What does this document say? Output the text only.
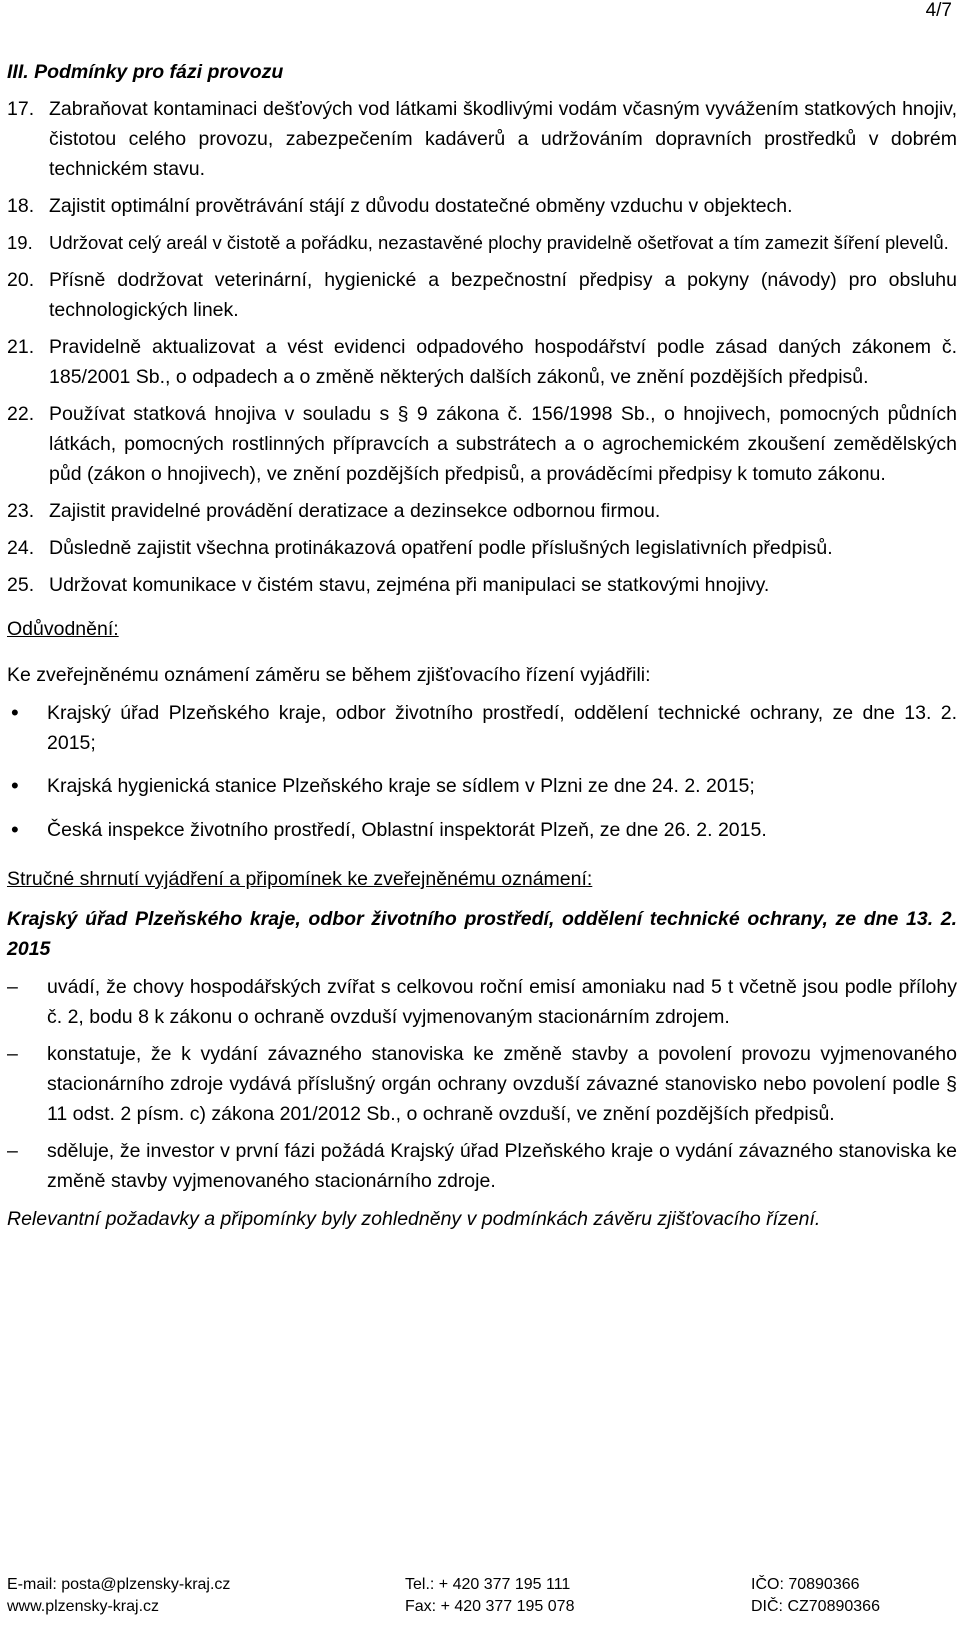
4/7
III. Podmínky pro fázi provozu
17. Zabraňovat kontaminaci dešťových vod látkami škodlivými vodám včasným vyvážením statkových hnojiv, čistotou celého provozu, zabezpečením kadáverů a udržováním dopravních prostředků v dobrém technickém stavu.
18. Zajistit optimální provětrávání stájí z důvodu dostatečné obměny vzduchu v objektech.
19. Udržovat celý areál v čistotě a pořádku, nezastavěné plochy pravidelně ošetřovat a tím zamezit šíření plevelů.
20. Přísně dodržovat veterinární, hygienické a bezpečnostní předpisy a pokyny (návody) pro obsluhu technologických linek.
21. Pravidelně aktualizovat a vést evidenci odpadového hospodářství podle zásad daných zákonem č. 185/2001 Sb., o odpadech a o změně některých dalších zákonů, ve znění pozdějších předpisů.
22. Používat statková hnojiva v souladu s § 9 zákona č. 156/1998 Sb., o hnojivech, pomocných půdních látkách, pomocných rostlinných přípravcích a substrátech a o agrochemickém zkoušení zemědělských půd (zákon o hnojivech), ve znění pozdějších předpisů, a prováděcími předpisy k tomuto zákonu.
23. Zajistit pravidelné provádění deratizace a dezinsekce odbornou firmou.
24. Důsledně zajistit všechna protinákazová opatření podle příslušných legislativních předpisů.
25. Udržovat komunikace v čistém stavu, zejména při manipulaci se statkovými hnojivy.
Odůvodnění:
Ke zveřejněnému oznámení záměru se během zjišťovacího řízení vyjádřili:
•
Krajský úřad Plzeňského kraje, odbor životního prostředí, oddělení technické ochrany, ze dne 13. 2. 2015;
•
Krajská hygienická stanice Plzeňského kraje se sídlem v Plzni ze dne 24. 2. 2015;
•
Česká inspekce životního prostředí, Oblastní inspektorát Plzeň, ze dne 26. 2. 2015.
Stručné shrnutí vyjádření a připomínek ke zveřejněnému oznámení:
Krajský úřad Plzeňského kraje, odbor životního prostředí, oddělení technické ochrany, ze dne 13. 2. 2015
–
uvádí, že chovy hospodářských zvířat s celkovou roční emisí amoniaku nad 5 t včetně jsou podle přílohy č. 2, bodu 8 k zákonu o ochraně ovzduší vyjmenovaným stacionárním zdrojem.
–
konstatuje, že k vydání závazného stanoviska ke změně stavby a povolení provozu vyjmenovaného stacionárního zdroje vydává příslušný orgán ochrany ovzduší závazné stanovisko nebo povolení podle § 11 odst. 2 písm. c) zákona 201/2012 Sb., o ochraně ovzduší, ve znění pozdějších předpisů.
–
sděluje, že investor v první fázi požádá Krajský úřad Plzeňského kraje o vydání závazného stanoviska ke změně stavby vyjmenovaného stacionárního zdroje.
Relevantní požadavky a připomínky byly zohledněny v podmínkách závěru zjišťovacího řízení.
E-mail: posta@plzensky-kraj.cz
www.plzensky-kraj.cz
Tel.: + 420 377 195 111
Fax: + 420 377 195 078
IČO: 70890366
DIČ: CZ70890366
